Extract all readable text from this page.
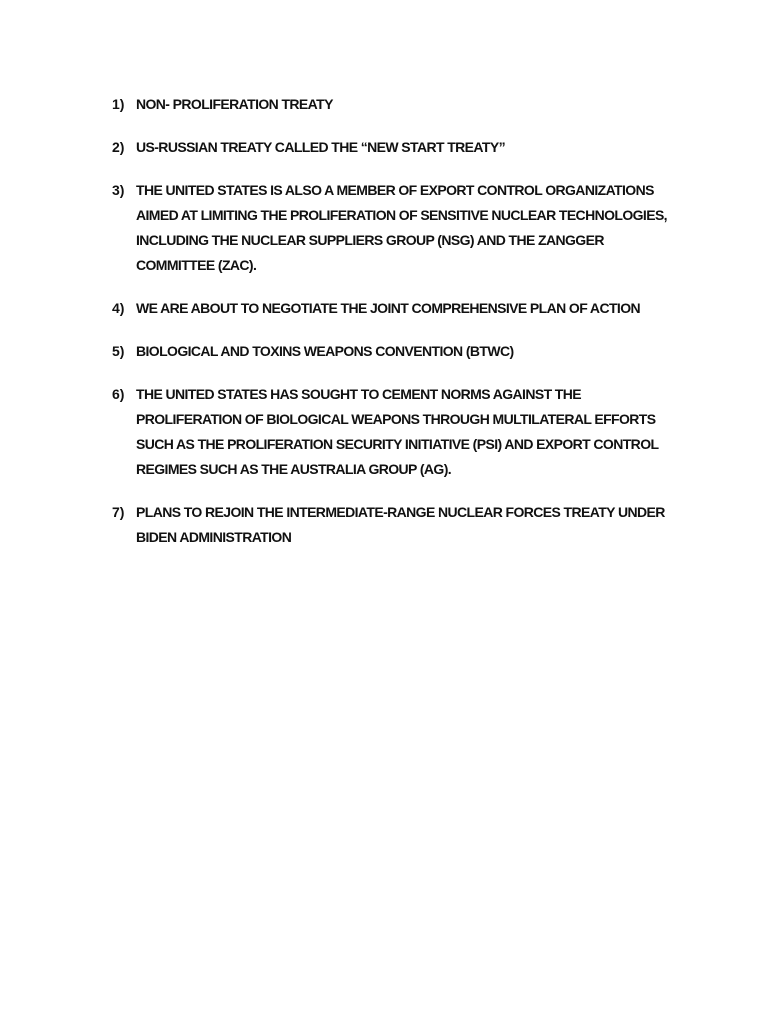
1) NON- PROLIFERATION TREATY
2) US-RUSSIAN TREATY CALLED THE “NEW START TREATY”
3) THE UNITED STATES IS ALSO A MEMBER OF EXPORT CONTROL ORGANIZATIONS AIMED AT LIMITING THE PROLIFERATION OF SENSITIVE NUCLEAR TECHNOLOGIES, INCLUDING THE NUCLEAR SUPPLIERS GROUP (NSG) AND THE ZANGGER COMMITTEE (ZAC).
4) WE ARE ABOUT TO NEGOTIATE THE JOINT COMPREHENSIVE PLAN OF ACTION
5) BIOLOGICAL AND TOXINS WEAPONS CONVENTION (BTWC)
6) THE UNITED STATES HAS SOUGHT TO CEMENT NORMS AGAINST THE PROLIFERATION OF BIOLOGICAL WEAPONS THROUGH MULTILATERAL EFFORTS SUCH AS THE PROLIFERATION SECURITY INITIATIVE (PSI) AND EXPORT CONTROL REGIMES SUCH AS THE AUSTRALIA GROUP (AG).
7) PLANS TO REJOIN THE INTERMEDIATE-RANGE NUCLEAR FORCES TREATY UNDER BIDEN ADMINISTRATION
